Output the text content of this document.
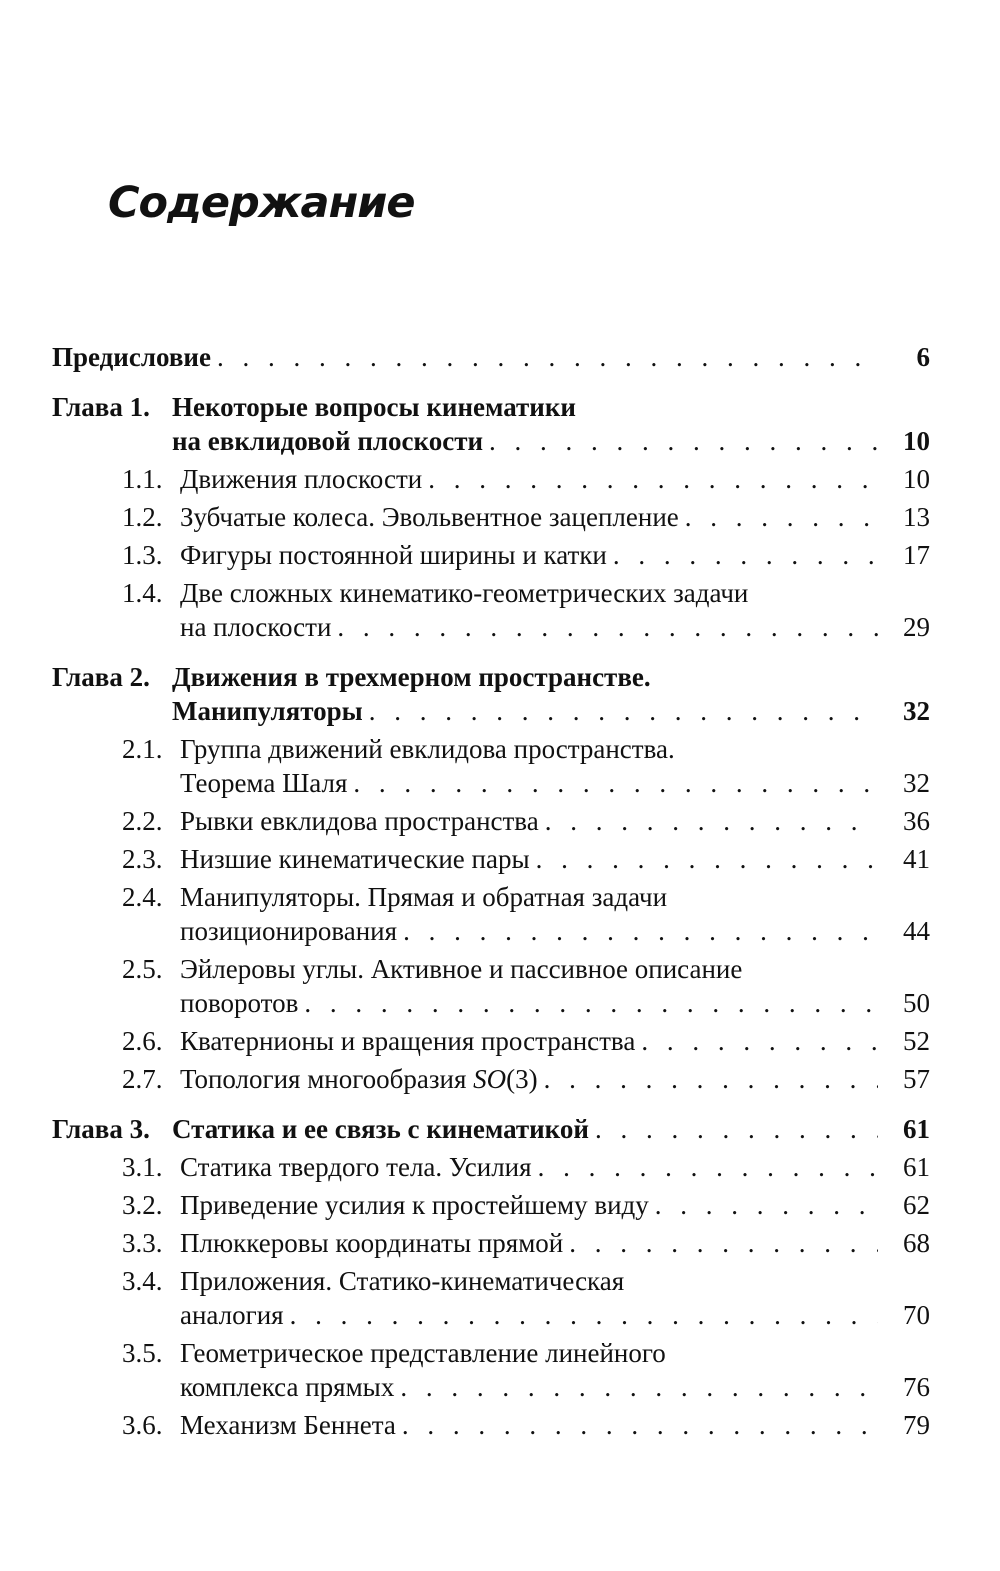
Содержание
Предисловие . . .	6
Глава 1. Некоторые вопросы кинематики
на евклидовой плоскости . . .	10
1.1. Движения плоскости . . .	10
1.2. Зубчатые колеса. Эвольвентное зацепление . . .	13
1.3. Фигуры постоянной ширины и катки . . .	17
1.4. Две сложных кинематико-геометрических задачи
на плоскости . . .	29
Глава 2. Движения в трехмерном пространстве.
Манипуляторы . . .	32
2.1. Группа движений евклидова пространства.
Теорема Шаля . . .	32
2.2. Рывки евклидова пространства . . .	36
2.3. Низшие кинематические пары . . .	41
2.4. Манипуляторы. Прямая и обратная задачи
позиционирования . . .	44
2.5. Эйлеровы углы. Активное и пассивное описание
поворотов . . .	50
2.6. Кватернионы и вращения пространства . . .	52
2.7. Топология многообразия SO(3) . . .	57
Глава 3. Статика и ее связь с кинематикой . . .	61
3.1. Статика твердого тела. Усилия . . .	61
3.2. Приведение усилия к простейшему виду . . .	62
3.3. Плюккеровы координаты прямой . . .	68
3.4. Приложения. Статико-кинематическая
аналогия . . .	70
3.5. Геометрическое представление линейного
комплекса прямых . . .	76
3.6. Механизм Беннета . . .	79
